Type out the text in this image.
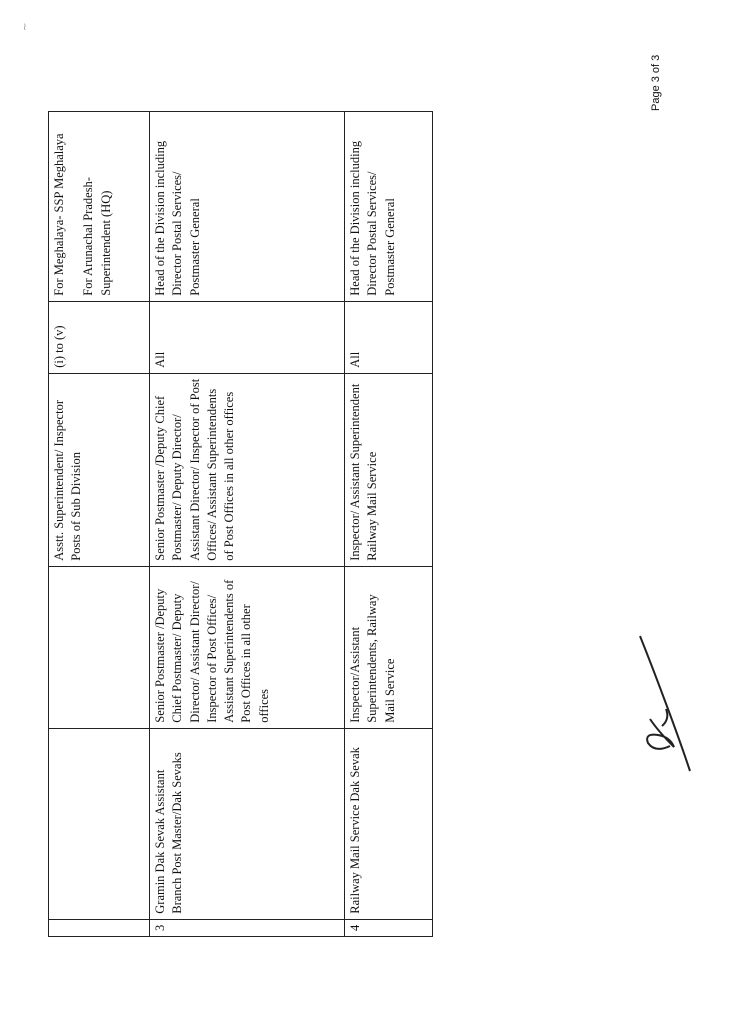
			Asstt. Superintendent/ Inspector Posts of Sub Division	(i) to (v)	For Meghalaya- SSP Meghalaya For Arunachal Pradesh- Superintendent (HQ)

3	Gramin Dak Sevak Assistant Branch Post Master/Dak Sevaks	Senior Postmaster /Deputy Chief Postmaster/ Deputy Director/ Assistant Director/ Inspector of Post Offices/ Assistant Superintendents of Post Offices in all other offices	Senior Postmaster /Deputy Chief Postmaster/ Deputy Director/ Assistant Director/ Inspector of Post Offices/ Assistant Superintendents of Post Offices in all other offices	All	Head of the Division including Director Postal Services/ Postmaster General
4	Railway Mail Service Dak Sevak	Inspector/Assistant Superintendents, Railway Mail Service	Inspector/ Assistant Superintendent Railway Mail Service	All	Head of the Division including Director Postal Services/ Postmaster General
Page 3 of 3
~
